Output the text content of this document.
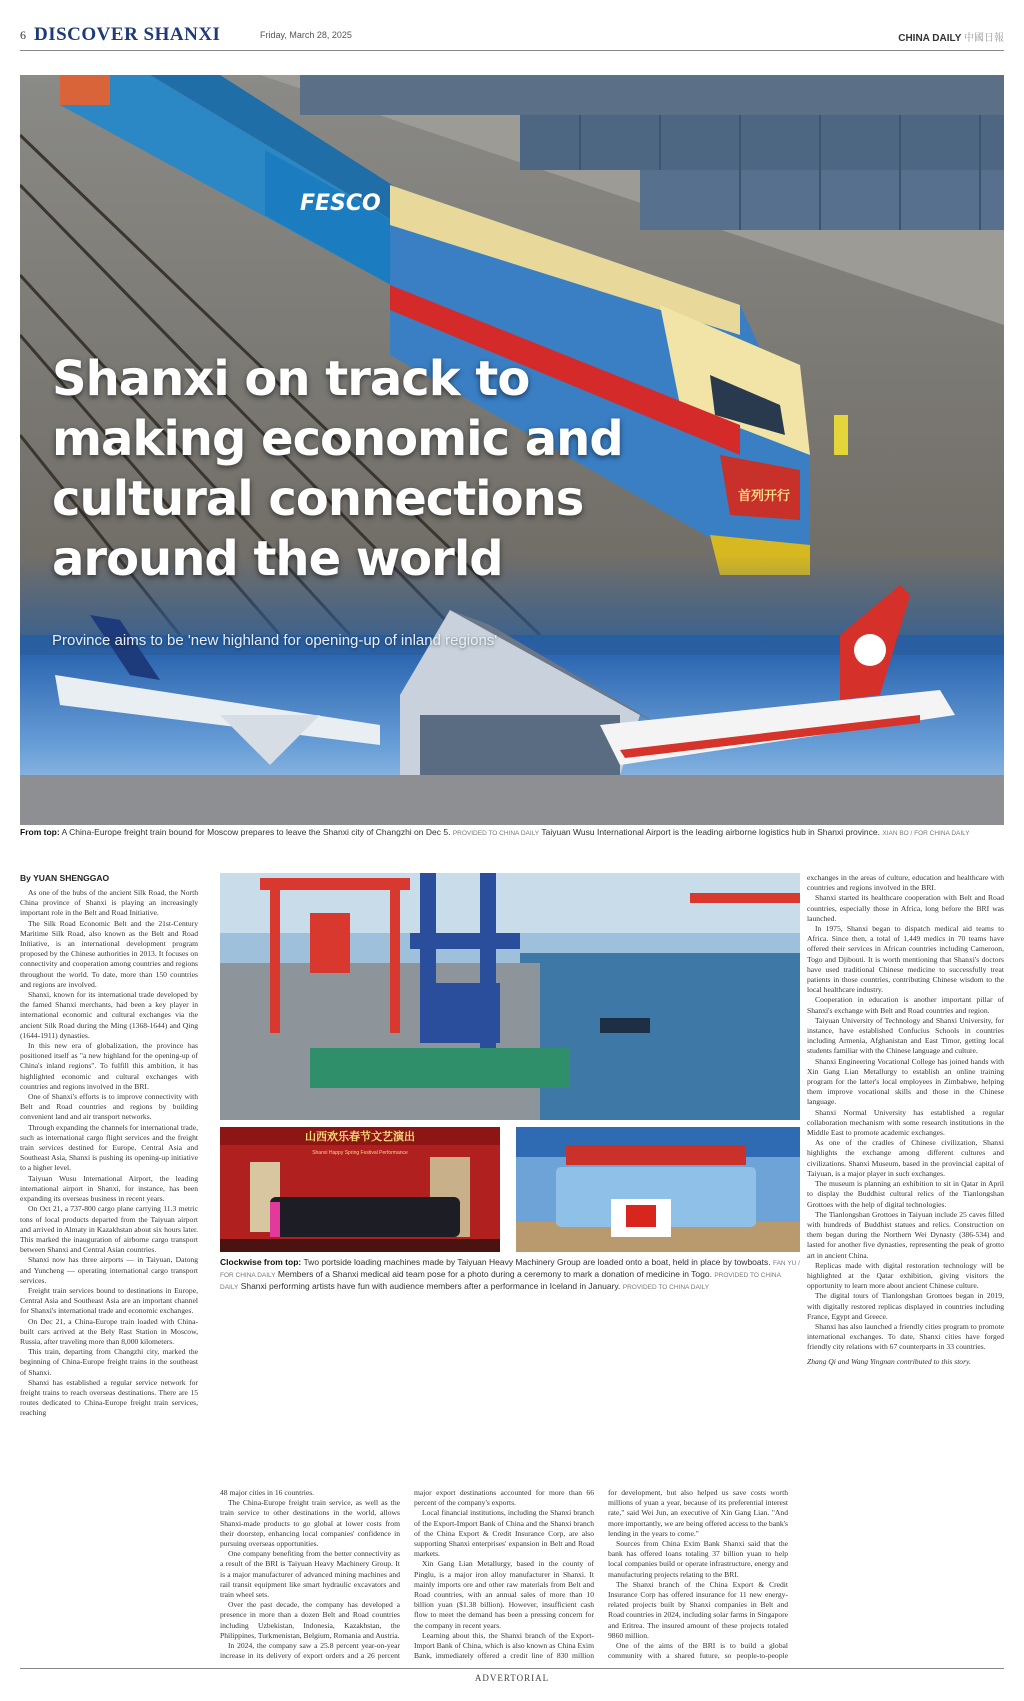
6 DISCOVER SHANXI	Friday, March 28, 2025	CHINA DAILY 中國日報
FESCO
首列开行
Shanxi on track to making economic and cultural connections around the world
Province aims to be 'new highland for opening-up of inland regions'
From top: A China-Europe freight train bound for Moscow prepares to leave the Shanxi city of Changzhi on Dec 5. PROVIDED TO CHINA DAILY Taiyuan Wusu International Airport is the leading airborne logistics hub in Shanxi province. XIAN BO / FOR CHINA DAILY
By YUAN SHENGGAO

As one of the hubs of the ancient Silk Road, the North China province of Shanxi is playing an increasingly important role in the Belt and Road Initiative.

The Silk Road Economic Belt and the 21st-Century Maritime Silk Road, also known as the Belt and Road Initiative, is an international development program proposed by the Chinese authorities in 2013. It focuses on connectivity and cooperation among countries and regions throughout the world. To date, more than 150 countries and regions are involved.

Shanxi, known for its international trade developed by the famed Shanxi merchants, had been a key player in international economic and cultural exchanges via the ancient Silk Road during the Ming (1368-1644) and Qing (1644-1911) dynasties.

In this new era of globalization, the province has positioned itself as "a new highland for the opening-up of China's inland regions". To fulfill this ambition, it has highlighted economic and cultural exchanges with countries and regions involved in the BRI.

One of Shanxi's efforts is to improve connectivity with Belt and Road countries and regions by building convenient land and air transport networks.

Through expanding the channels for international trade, such as international cargo flight services and the freight train services destined for Europe, Central Asia and Southeast Asia, Shanxi is pushing its opening-up initiative to a higher level.

Taiyuan Wusu International Airport, the leading international airport in Shanxi, for instance, has been expanding its overseas business in recent years.

On Oct 21, a 737-800 cargo plane carrying 11.3 metric tons of local products departed from the Taiyuan airport and arrived in Almaty in Kazakhstan about six hours later. This marked the inauguration of airborne cargo transport between Shanxi and Central Asian countries.

Shanxi now has three airports — in Taiyuan, Datong and Yuncheng — operating international cargo transport services.

Freight train services bound to destinations in Europe, Central Asia and Southeast Asia are an important channel for Shanxi's international trade and economic exchanges.

On Dec 21, a China-Europe train loaded with China-built cars arrived at the Bely Rast Station in Moscow, Russia, after traveling more than 8,000 kilometers.

This train, departing from Changzhi city, marked the beginning of China-Europe freight trains in the southeast of Shanxi.

Shanxi has established a regular service network for freight trains to reach overseas destinations. There are 15 routes dedicated to China-Europe freight train services, reaching

山西欢乐春节文艺演出
Shanxi Happy Spring Festival Performance
Clockwise from top: Two portside loading machines made by Taiyuan Heavy Machinery Group are loaded onto a boat, held in place by towboats. FAN YU / FOR CHINA DAILY Members of a Shanxi medical aid team pose for a photo during a ceremony to mark a donation of medicine in Togo. PROVIDED TO CHINA DAILY Shanxi performing artists have fun with audience members after a performance in Iceland in January. PROVIDED TO CHINA DAILY

48 major cities in 16 countries.

The China-Europe freight train service, as well as the train service to other destinations in the world, allows Shanxi-made products to go global at lower costs from their doorstep, enhancing local companies' confidence in pursuing overseas opportunities.

One company benefiting from the better connectivity as a result of the BRI is Taiyuan Heavy Machinery Group. It is a major manufacturer of advanced mining machines and rail transit equipment like smart hydraulic excavators and train wheel sets.

Over the past decade, the company has developed a presence in more than a dozen Belt and Road countries including Uzbekistan, Indonesia, Kazakhstan, the Philippines, Turkmenistan, Belgium, Romania and Austria.

In 2024, the company saw a 25.8 percent year-on-year increase in its delivery of export orders and a 26 percent

major export destinations accounted for more than 66 percent of the company's exports.

Local financial institutions, including the Shanxi branch of the Export-Import Bank of China and the Shanxi branch of the China Export & Credit Insurance Corp, are also supporting Shanxi enterprises' expansion in Belt and Road markets.

Xin Gang Lian Metallurgy, based in the county of Pinglu, is a major iron alloy manufacturer in Shanxi. It mainly imports ore and other raw materials from Belt and Road countries, with an annual sales of more than 10 billion yuan ($1.38 billion). However, insufficient cash flow to meet the demand has been a pressing concern for the company in recent years.

Learning about this, the Shanxi branch of the Export-Import Bank of China, which is also known as China Exim Bank, immediately offered a credit line of 830 million

for development, but also helped us save costs worth millions of yuan a year, because of its preferential interest rate," said Wei Jun, an executive of Xin Gang Lian. "And more importantly, we are being offered access to the bank's lending in the years to come."

Sources from China Exim Bank Shanxi said that the bank has offered loans totaling 37 billion yuan to help local companies build or operate infrastructure, energy and manufacturing projects relating to the BRI.

The Shanxi branch of the China Export & Credit Insurance Corp has offered insurance for 11 new energy-related projects built by Shanxi companies in Belt and Road countries in 2024, including solar farms in Singapore and Eritrea. The insured amount of these projects totaled 9860 million.

One of the aims of the BRI is to build a global community with a shared future, so people-to-people

exchanges in the areas of culture, education and healthcare with countries and regions involved in the BRI.

Shanxi started its healthcare cooperation with Belt and Road countries, especially those in Africa, long before the BRI was launched.

In 1975, Shanxi began to dispatch medical aid teams to Africa. Since then, a total of 1,449 medics in 70 teams have offered their services in African countries including Cameroon, Togo and Djibouti. It is worth mentioning that Shanxi's doctors have used traditional Chinese medicine to successfully treat patients in those countries, contributing Chinese wisdom to the local healthcare industry.

Cooperation in education is another important pillar of Shanxi's exchange with Belt and Road countries and region.

Taiyuan University of Technology and Shanxi University, for instance, have established Confucius Schools in countries including Armenia, Afghanistan and East Timor, getting local students familiar with the Chinese language and culture.

Shanxi Engineering Vocational College has joined hands with Xin Gang Lian Metallurgy to establish an online training program for the latter's local employees in Zimbabwe, helping them improve vocational skills and those in the Chinese language.

Shanxi Normal University has established a regular collaboration mechanism with some research institutions in the Middle East to promote academic exchanges.

As one of the cradles of Chinese civilization, Shanxi highlights the exchange among different cultures and civilizations. Shanxi Museum, based in the provincial capital of Taiyuan, is a major player in such exchanges.

The museum is planning an exhibition to sit in Qatar in April to display the Buddhist cultural relics of the Tianlongshan Grottoes with the help of digital technologies.

The Tianlongshan Grottoes in Taiyuan include 25 caves filled with hundreds of Buddhist statues and relics. Construction on them began during the Northern Wei Dynasty (386-534) and lasted for another five dynasties, representing the peak of grotto art in ancient China.

Replicas made with digital restoration technology will be highlighted at the Qatar exhibition, giving visitors the opportunity to learn more about ancient Chinese culture.

The digital tours of Tianlongshan Grottoes began in 2019, with digitally restored replicas displayed in countries including France, Egypt and Greece.

Shanxi has also launched a friendly cities program to promote international exchanges. To date, Shanxi cities have forged friendly city relations with 67 counterparts in 33 countries.

Zhang Qi and Wang Yingnan contributed to this story.

ADVERTORIAL
